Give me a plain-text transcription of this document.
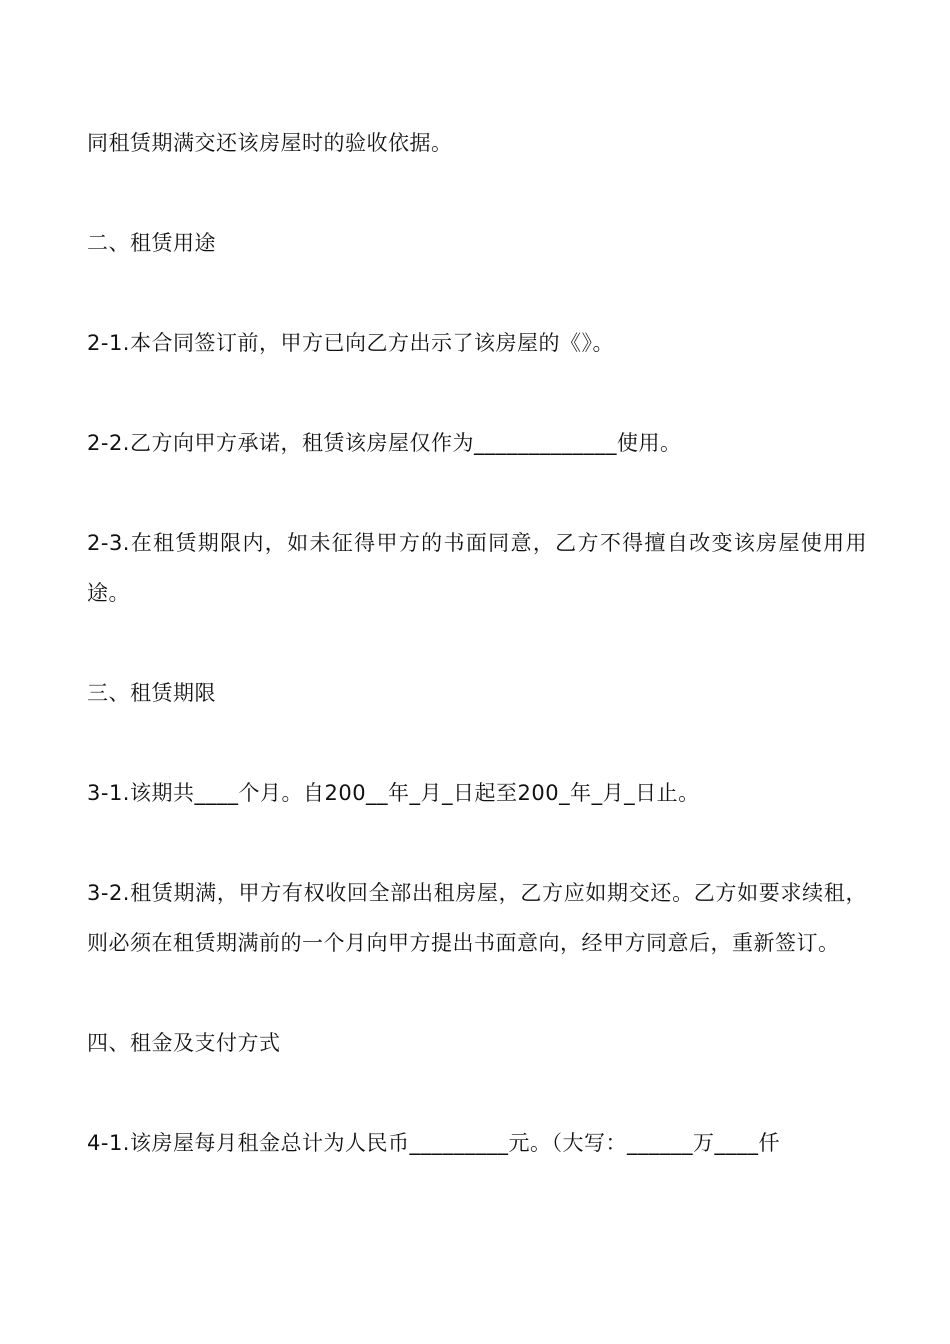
同租赁期满交还该房屋时的验收依据。

二、租赁用途

2-1.本合同签订前，甲方已向乙方出示了该房屋的《》。

2-2.乙方向甲方承诺，租赁该房屋仅作为_____________使用。

2-3.在租赁期限内，如未征得甲方的书面同意，乙方不得擅自改变该房屋使用用途。

三、租赁期限

3-1.该期共____个月。自200__年_月_日起至200_年_月_日止。

3-2.租赁期满，甲方有权收回全部出租房屋，乙方应如期交还。乙方如要求续租，则必须在租赁期满前的一个月向甲方提出书面意向，经甲方同意后，重新签订。

四、租金及支付方式

4-1.该房屋每月租金总计为人民币_________元。（大写：______万____仟
